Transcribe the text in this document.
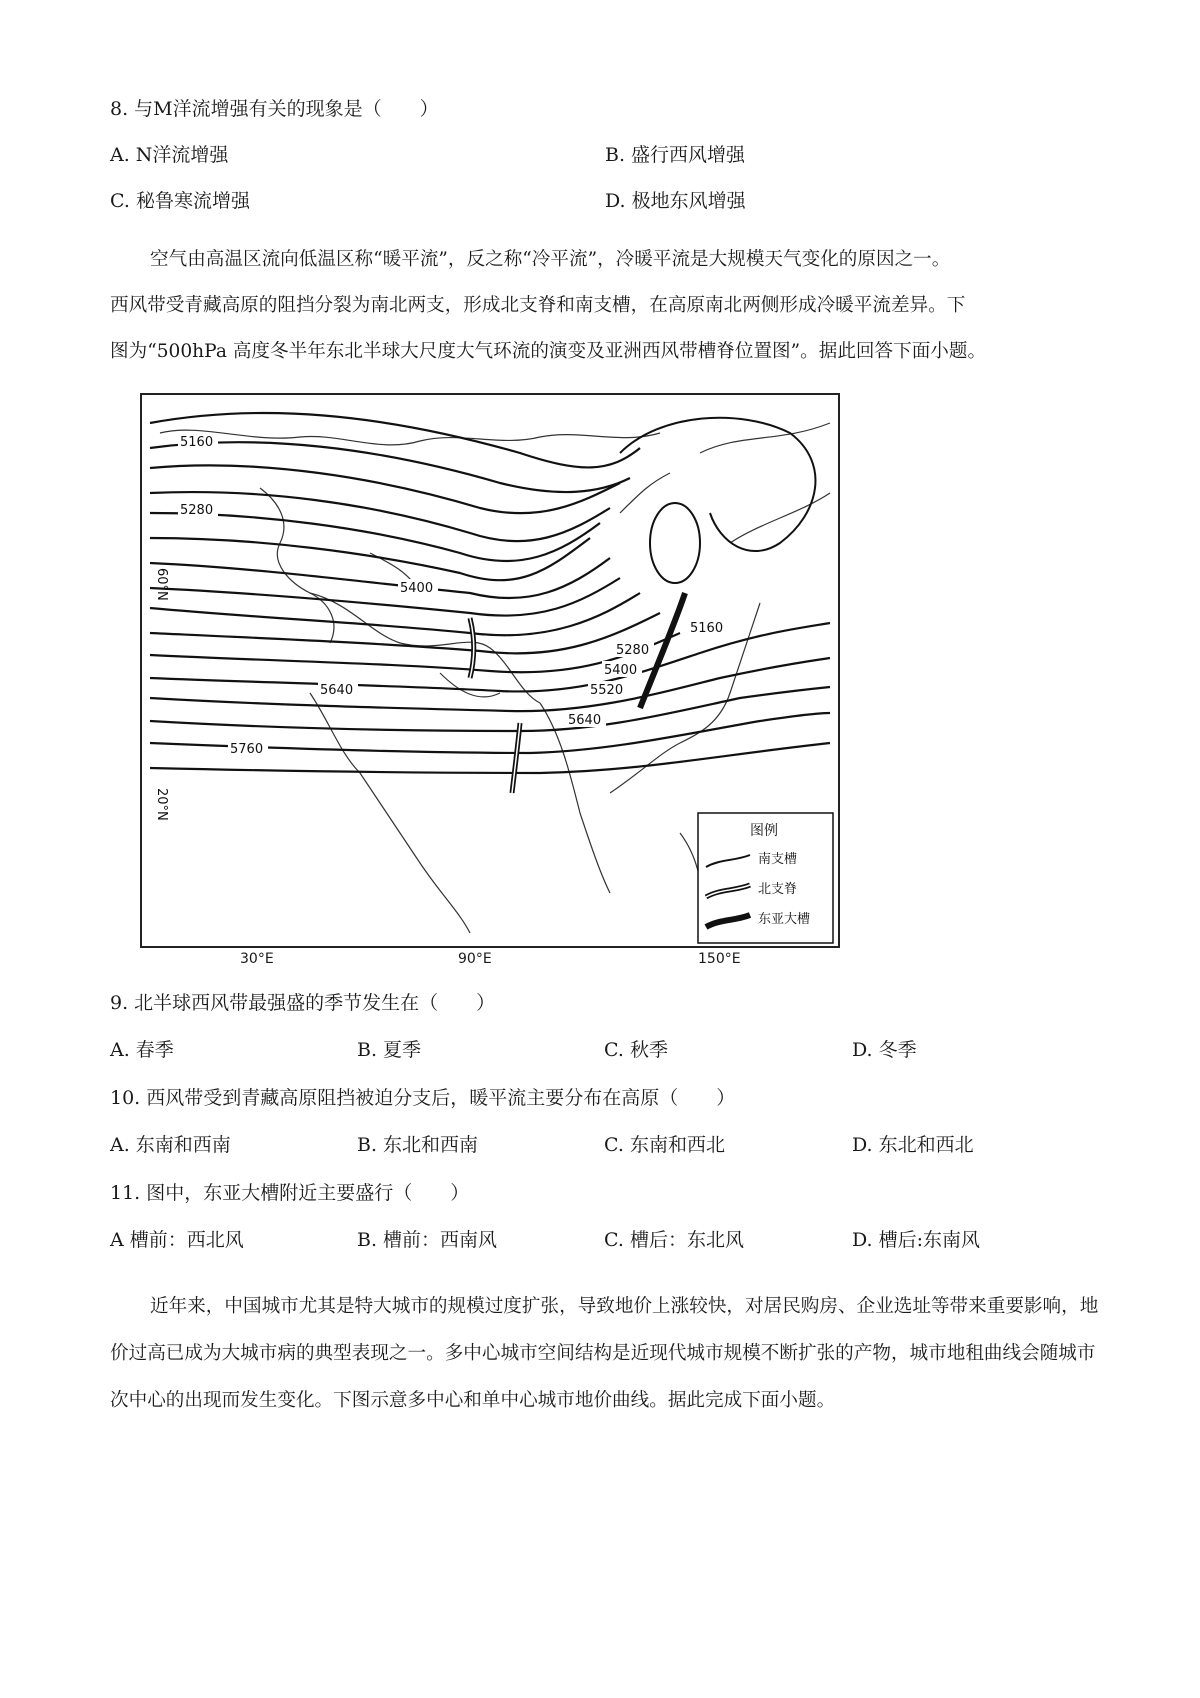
8. 与M洋流增强有关的现象是（　　）
A. N洋流增强	B. 盛行西风增强
C. 秘鲁寒流增强	D. 极地东风增强
空气由高温区流向低温区称“暖平流”，反之称“冷平流”，冷暖平流是大规模天气变化的原因之一。
西风带受青藏高原的阻挡分裂为南北两支，形成北支脊和南支槽，在高原南北两侧形成冷暖平流差异。下
图为“500hPa 高度冬半年东北半球大尺度大气环流的演变及亚洲西风带槽脊位置图”。据此回答下面小题。
5160
5280
5400
5640
5760
5160
5280
5400
5520
5640
60°N
20°N
图例
南支槽
北支脊
东亚大槽
30°E	90°E	150°E
9. 北半球西风带最强盛的季节发生在（　　）
A. 春季	B. 夏季	C. 秋季	D. 冬季
10. 西风带受到青藏高原阻挡被迫分支后，暖平流主要分布在高原（　　）
A. 东南和西南	B. 东北和西南	C. 东南和西北	D. 东北和西北
11. 图中，东亚大槽附近主要盛行（　　）
A 槽前：西北风	B. 槽前：西南风	C. 槽后：东北风	D. 槽后:东南风
近年来，中国城市尤其是特大城市的规模过度扩张，导致地价上涨较快，对居民购房、企业选址等带来重要影响，地价过高已成为大城市病的典型表现之一。多中心城市空间结构是近现代城市规模不断扩张的产物，城市地租曲线会随城市次中心的出现而发生变化。下图示意多中心和单中心城市地价曲线。据此完成下面小题。
